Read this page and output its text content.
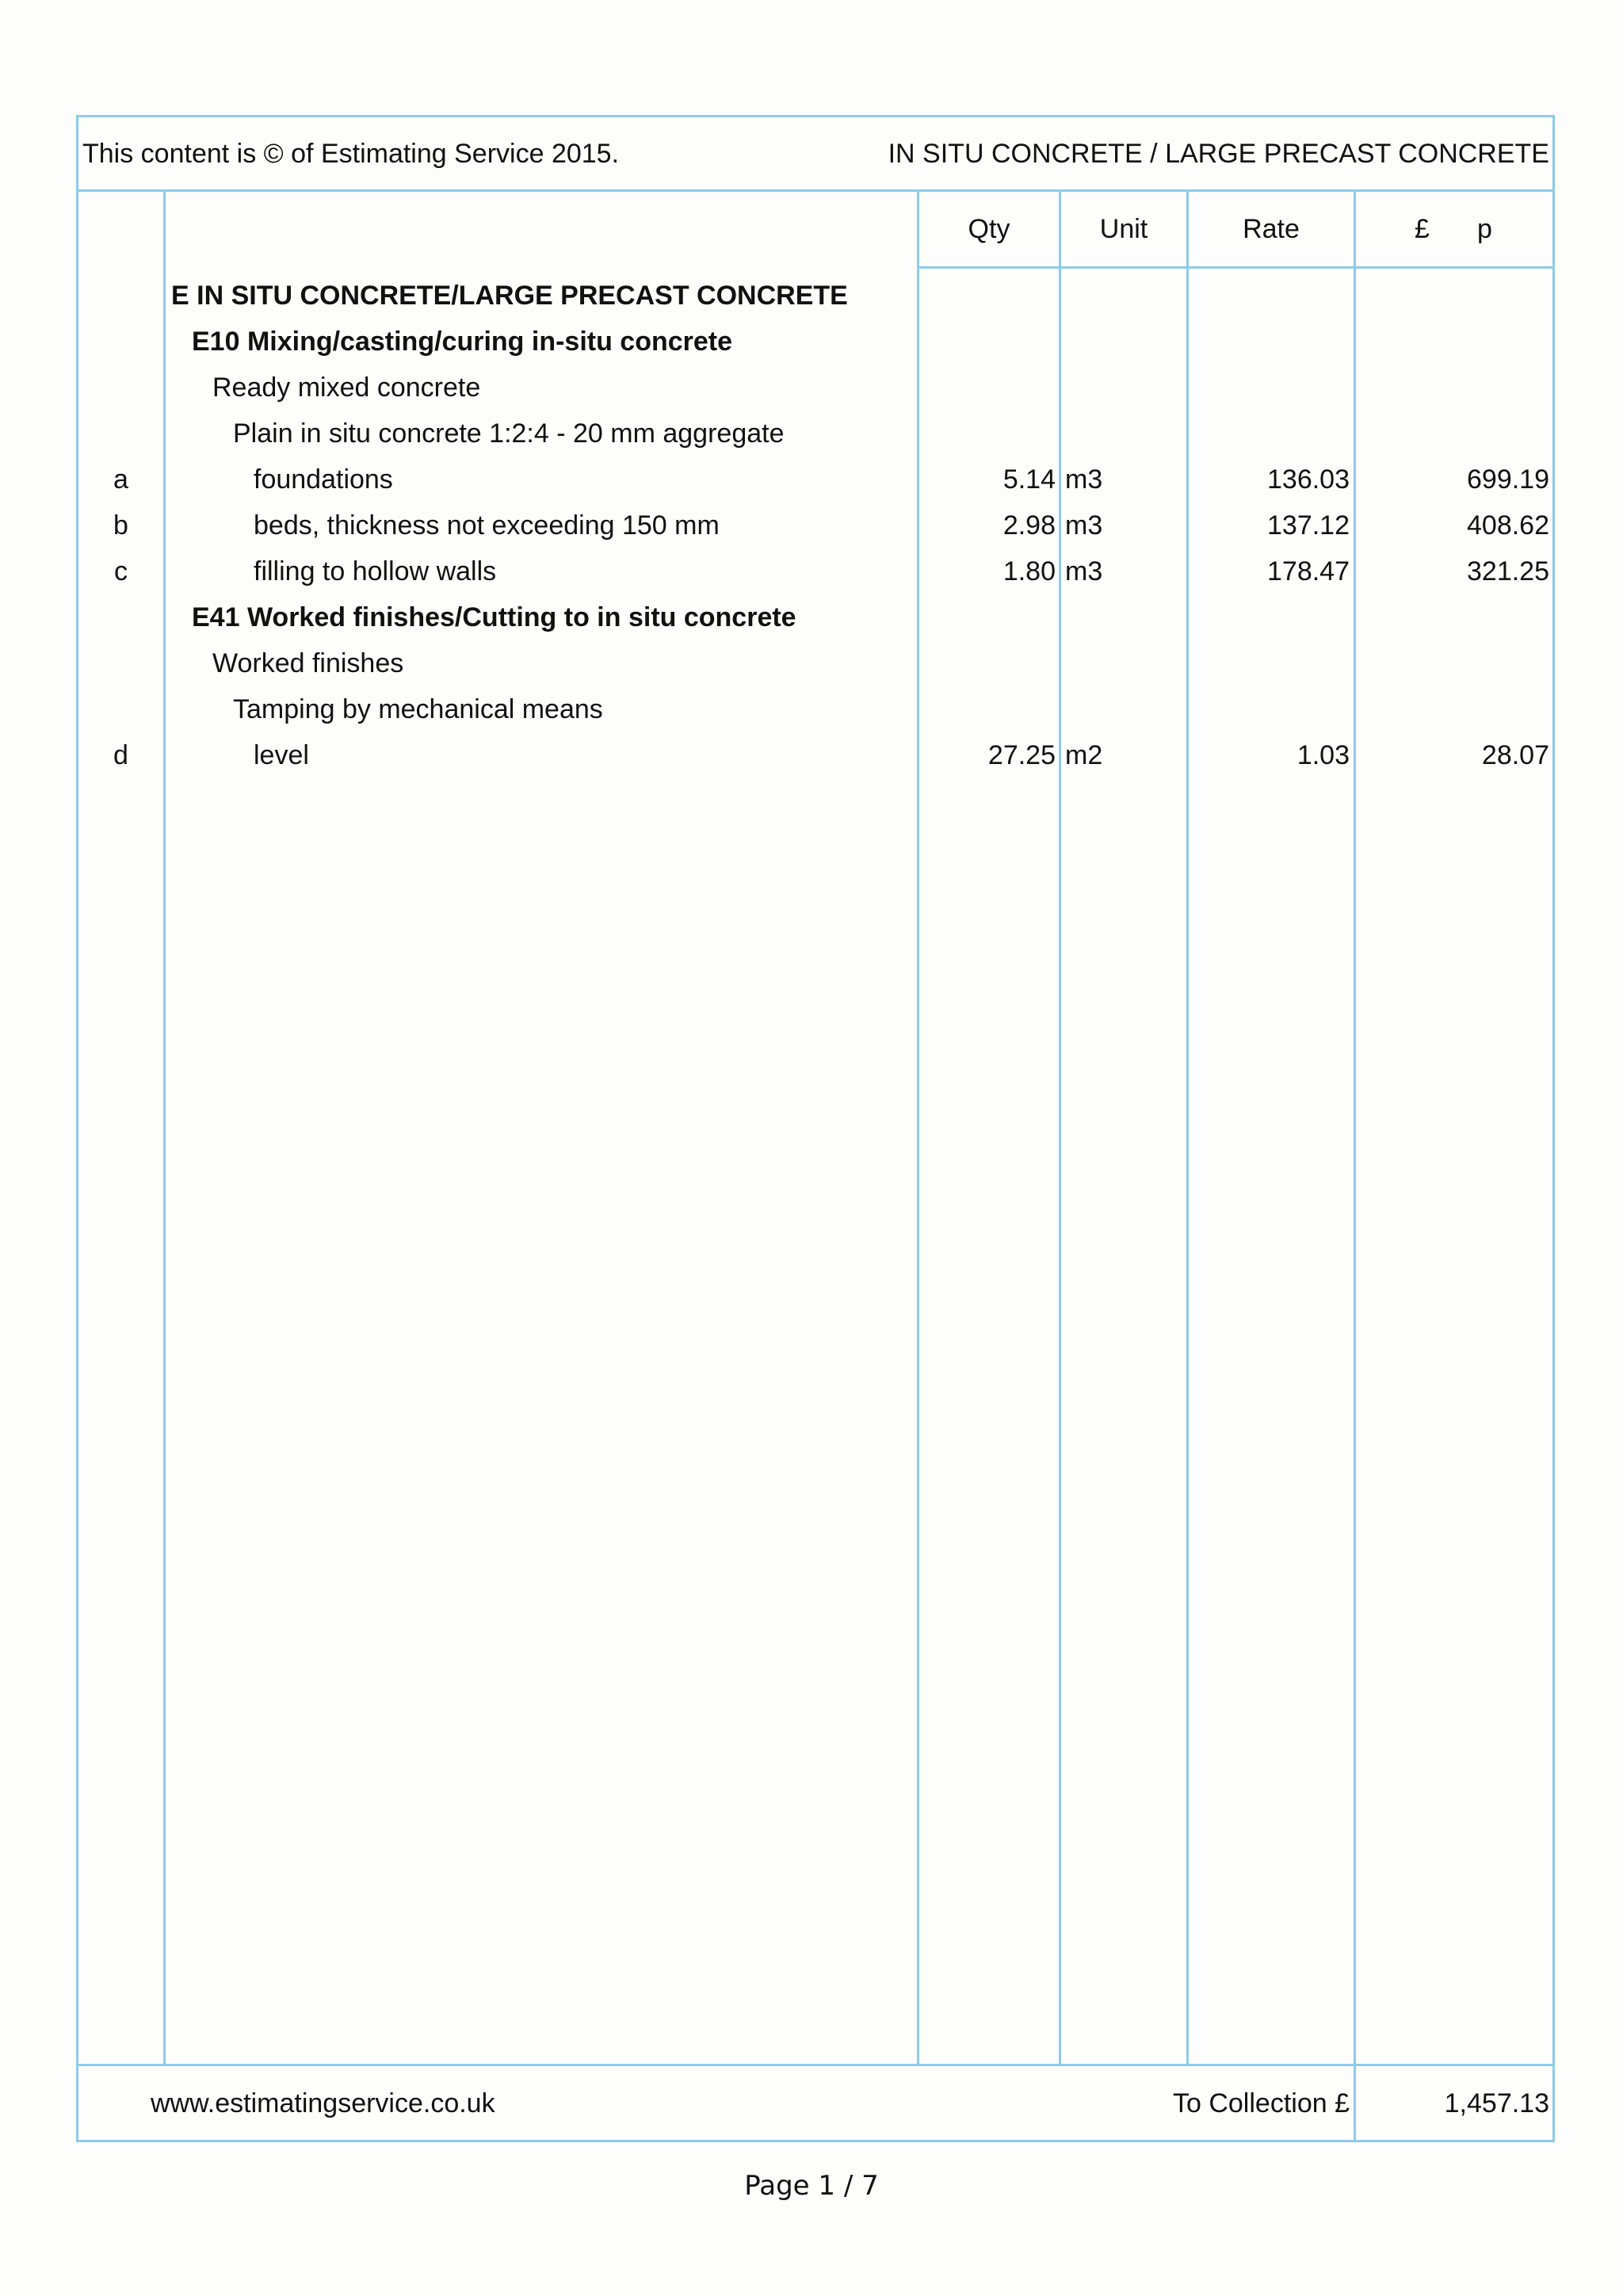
This content is © of Estimating Service 2015.	IN SITU CONCRETE / LARGE PRECAST CONCRETE
Qty	Unit	Rate	£ p
E IN SITU CONCRETE/LARGE PRECAST CONCRETE
E10 Mixing/casting/curing in-situ concrete
Ready mixed concrete
Plain in situ concrete 1:2:4 - 20 mm aggregate
a	foundations	5.14 m3	136.03	699.19
b	beds, thickness not exceeding 150 mm	2.98 m3	137.12	408.62
c	filling to hollow walls	1.80 m3	178.47	321.25
E41 Worked finishes/Cutting to in situ concrete
Worked finishes
Tamping by mechanical means
d	level	27.25 m2	1.03	28.07
www.estimatingservice.co.uk	To Collection £	1,457.13
Page 1 / 7
